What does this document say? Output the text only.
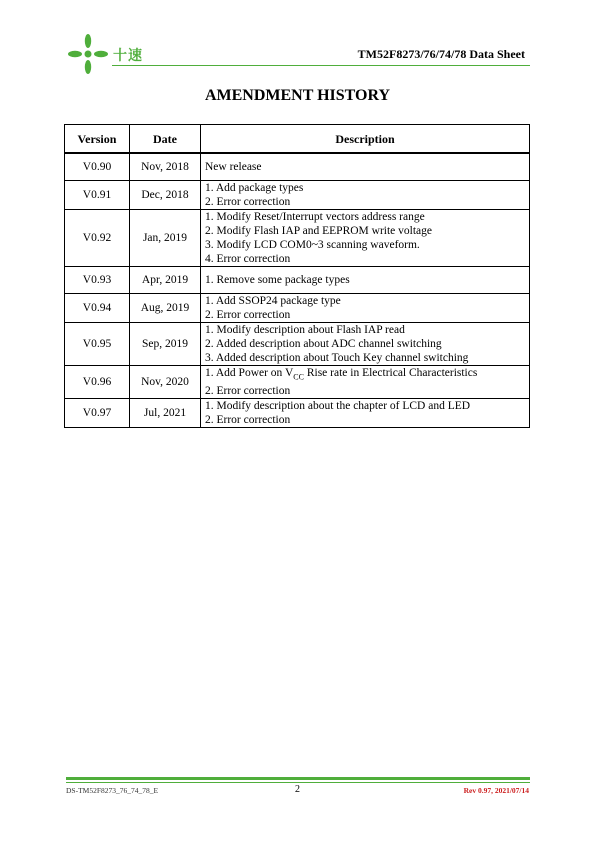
十速	TM52F8273/76/74/78 Data Sheet
AMENDMENT HISTORY
Version	Date	Description
V0.90	Nov, 2018	New release

V0.91	Dec, 2018	1. Add package types
2. Error correction

V0.92	Jan, 2019	1. Modify Reset/Interrupt vectors address range
2. Modify Flash IAP and EEPROM write voltage
3. Modify LCD COM0~3 scanning waveform.
4. Error correction

V0.93	Apr, 2019	1. Remove some package types

V0.94	Aug, 2019	1. Add SSOP24 package type
2. Error correction

V0.95	Sep, 2019	1. Modify description about Flash IAP read
2. Added description about ADC channel switching
3. Added description about Touch Key channel switching

V0.96	Nov, 2020	1. Add Power on $V_{CC}$ Rise rate in Electrical Characteristics
2. Error correction

V0.97	Jul, 2021	1. Modify description about the chapter of LCD and LED
2. Error correction
DS-TM52F8273_76_74_78_E	2	Rev 0.97, 2021/07/14
